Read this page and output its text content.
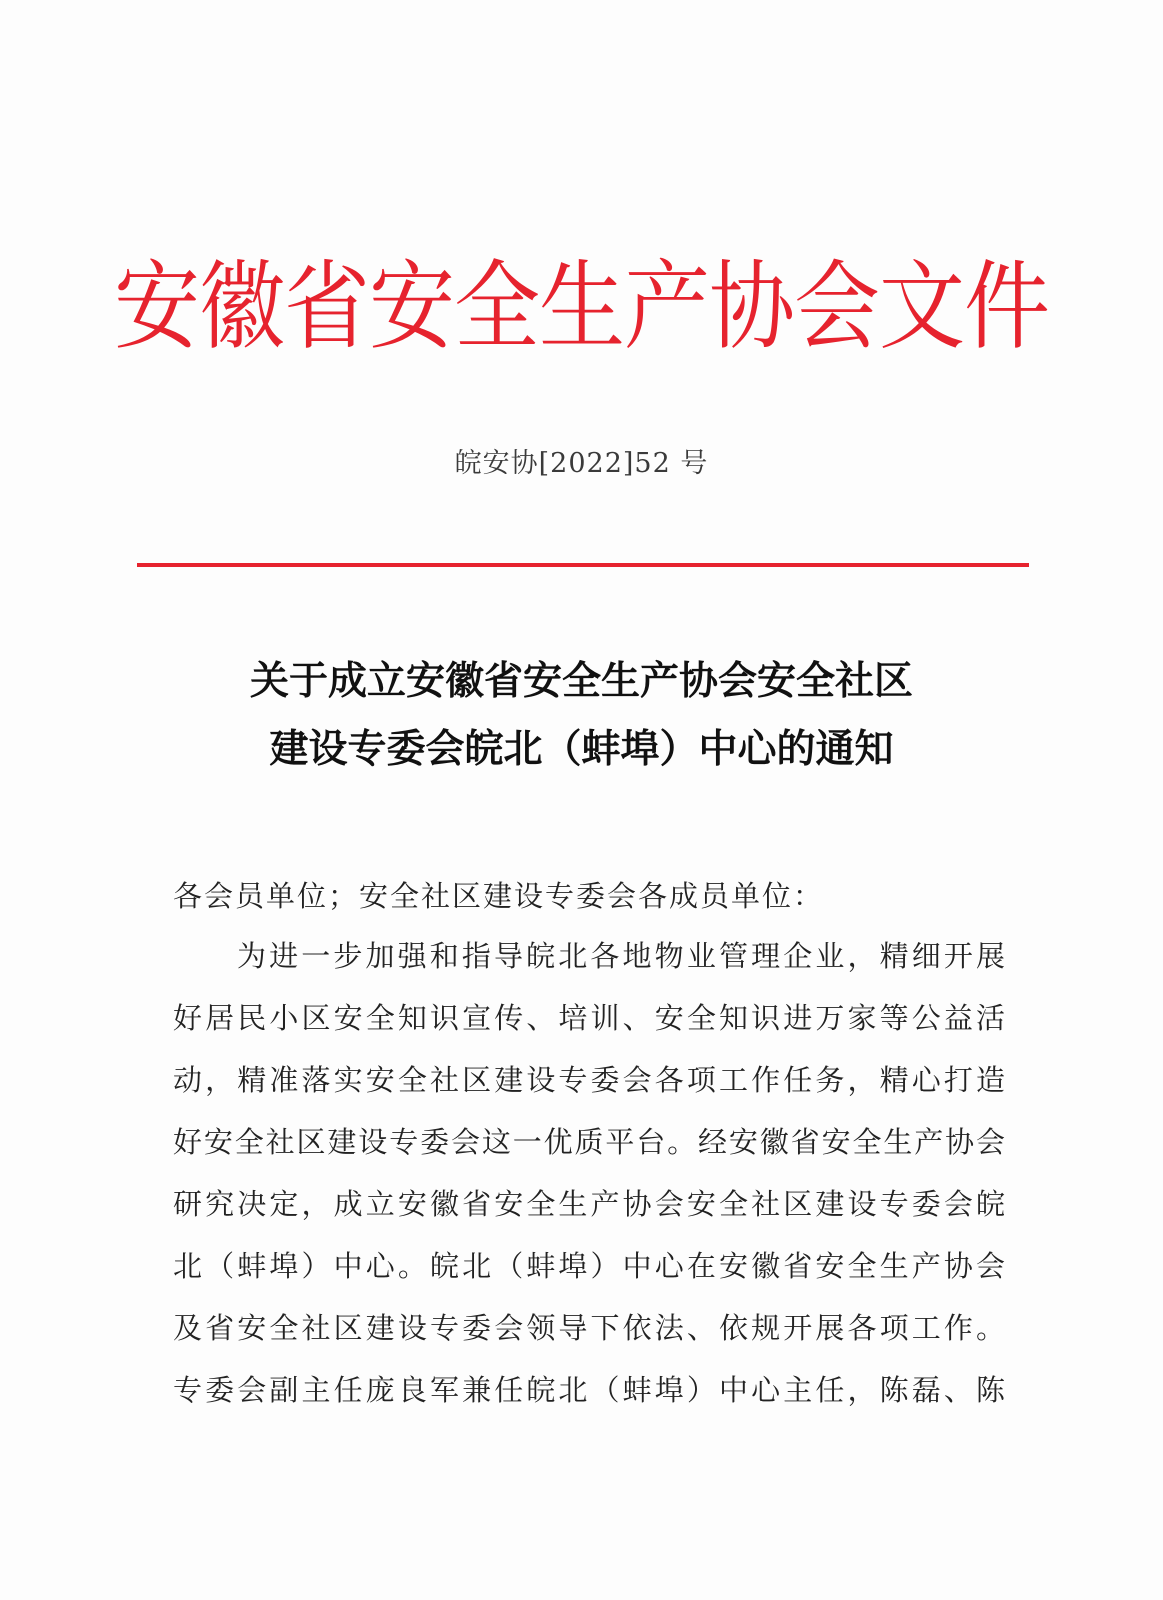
安徽省安全生产协会文件
皖安协[2022]52 号
关于成立安徽省安全生产协会安全社区
建设专委会皖北（蚌埠）中心的通知
各会员单位；安全社区建设专委会各成员单位：
为进一步加强和指导皖北各地物业管理企业，精细开展
好居民小区安全知识宣传、培训、安全知识进万家等公益活
动，精准落实安全社区建设专委会各项工作任务，精心打造
好安全社区建设专委会这一优质平台。经安徽省安全生产协会
研究决定，成立安徽省安全生产协会安全社区建设专委会皖
北（蚌埠）中心。皖北（蚌埠）中心在安徽省安全生产协会
及省安全社区建设专委会领导下依法、依规开展各项工作。
专委会副主任庞良军兼任皖北（蚌埠）中心主任，陈磊、陈
